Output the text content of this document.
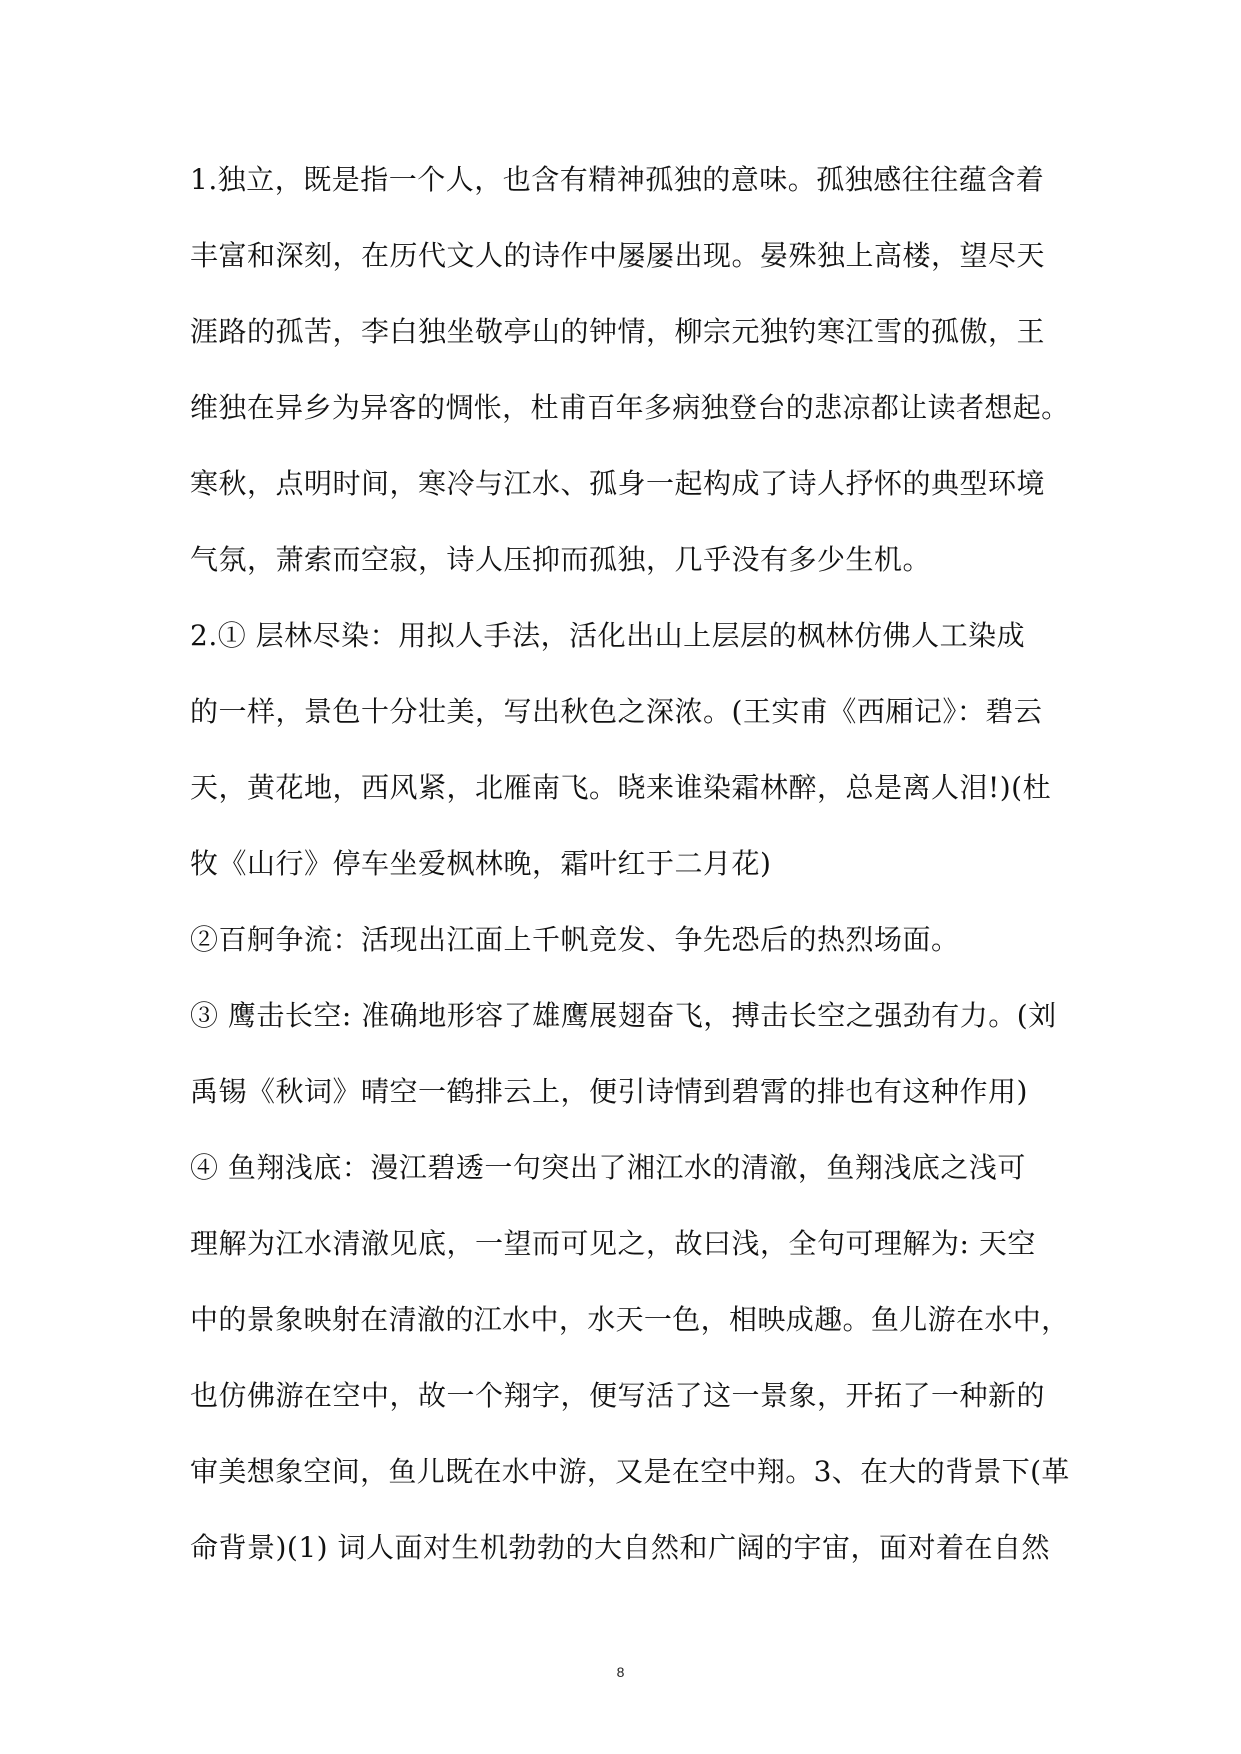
1.独立，既是指一个人，也含有精神孤独的意味。孤独感往往蕴含着
丰富和深刻，在历代文人的诗作中屡屡出现。晏殊独上高楼，望尽天
涯路的孤苦，李白独坐敬亭山的钟情，柳宗元独钓寒江雪的孤傲，王
维独在异乡为异客的惆怅，杜甫百年多病独登台的悲凉都让读者想起。
寒秋，点明时间，寒冷与江水、孤身一起构成了诗人抒怀的典型环境
气氛，萧索而空寂，诗人压抑而孤独，几乎没有多少生机。
2.① 层林尽染：用拟人手法，活化出山上层层的枫林仿佛人工染成
的一样，景色十分壮美，写出秋色之深浓。(王实甫《西厢记》：碧云
天，黄花地，西风紧，北雁南飞。晓来谁染霜林醉，总是离人泪!)(杜
牧《山行》停车坐爱枫林晚，霜叶红于二月花)
②百舸争流：活现出江面上千帆竞发、争先恐后的热烈场面。
③ 鹰击长空: 准确地形容了雄鹰展翅奋飞，搏击长空之强劲有力。(刘
禹锡《秋词》晴空一鹤排云上，便引诗情到碧霄的排也有这种作用)
④ 鱼翔浅底：漫江碧透一句突出了湘江水的清澈，鱼翔浅底之浅可
理解为江水清澈见底，一望而可见之，故曰浅，全句可理解为: 天空
中的景象映射在清澈的江水中，水天一色，相映成趣。鱼儿游在水中，
也仿佛游在空中，故一个翔字，便写活了这一景象，开拓了一种新的
审美想象空间，鱼儿既在水中游，又是在空中翔。3、在大的背景下(革
命背景)(1) 词人面对生机勃勃的大自然和广阔的宇宙，面对着在自然
8
